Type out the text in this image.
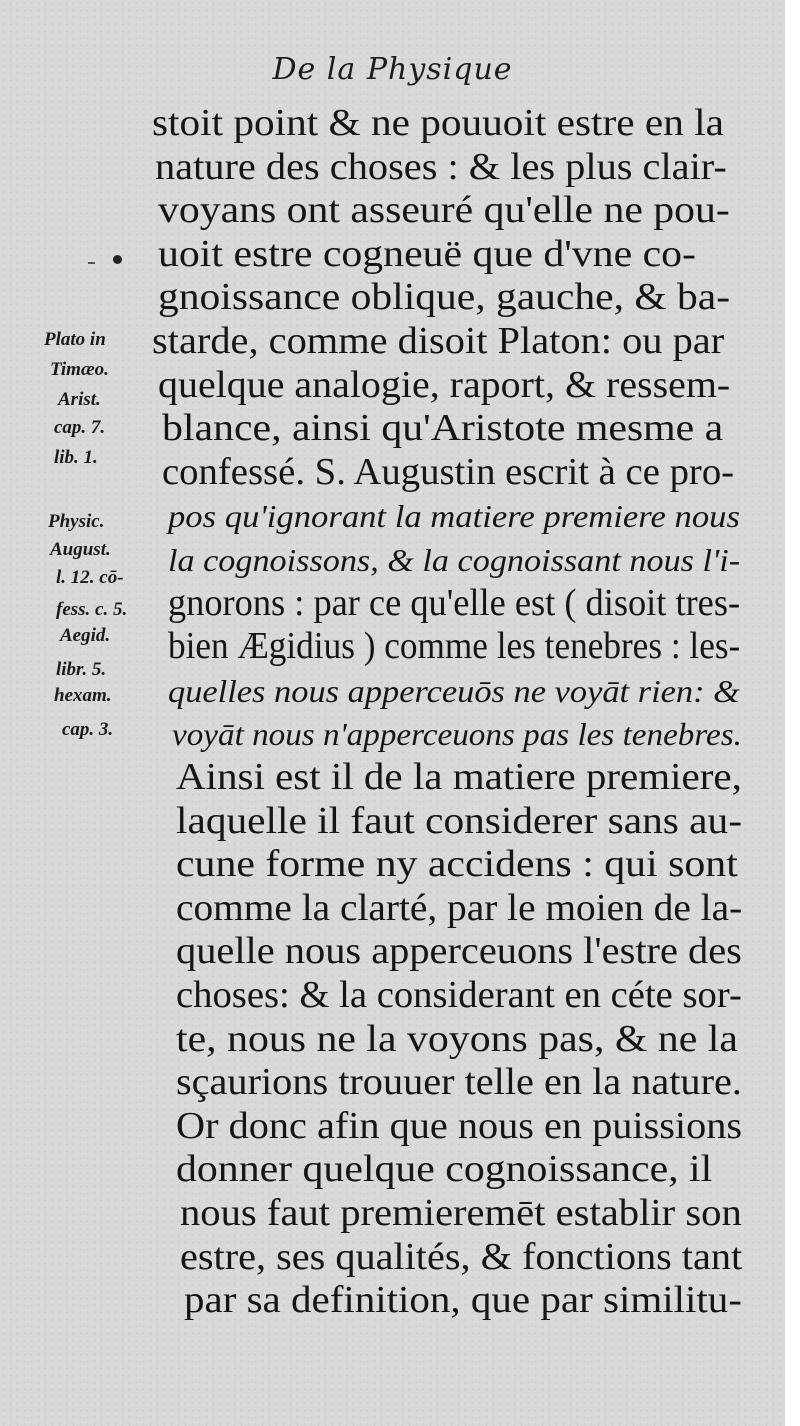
De la Physique
stoit point & ne pouuoit estre en la
nature des choses : & les plus clair-
voyans ont asseuré qu'elle ne pou-
uoit estre cogneuë que d'vne co-
gnoissance oblique, gauche, & ba-
starde, comme disoit Platon: ou par
quelque analogie, raport, & ressem-
blance, ainsi qu'Aristote mesme a
confessé. S. Augustin escrit à ce pro-
pos qu'ignorant la matiere premiere nous
la cognoissons, & la cognoissant nous l'i-
gnorons : par ce qu'elle est ( disoit tres-
bien Ægidius ) comme les tenebres : les-
quelles nous apperceuōs ne voyāt rien: &
voyāt nous n'apperceuons pas les tenebres.
Ainsi est il de la matiere premiere,
laquelle il faut considerer sans au-
cune forme ny accidens : qui sont
comme la clarté, par le moien de la-
quelle nous apperceuons l'estre des
choses: & la considerant en céte sor-
te, nous ne la voyons pas, & ne la
sçaurions trouuer telle en la nature.
Or donc afin que nous en puissions
donner quelque cognoissance, il
nous faut premieremēt establir son
estre, ses qualités, & fonctions tant
par sa definition, que par similitu-
Plato in
Timæo.
Arist.
cap. 7.
lib. 1.
Physic.
August.
l. 12. cō-
fess. c. 5.
Aegid.
libr. 5.
hexam.
cap. 3.
